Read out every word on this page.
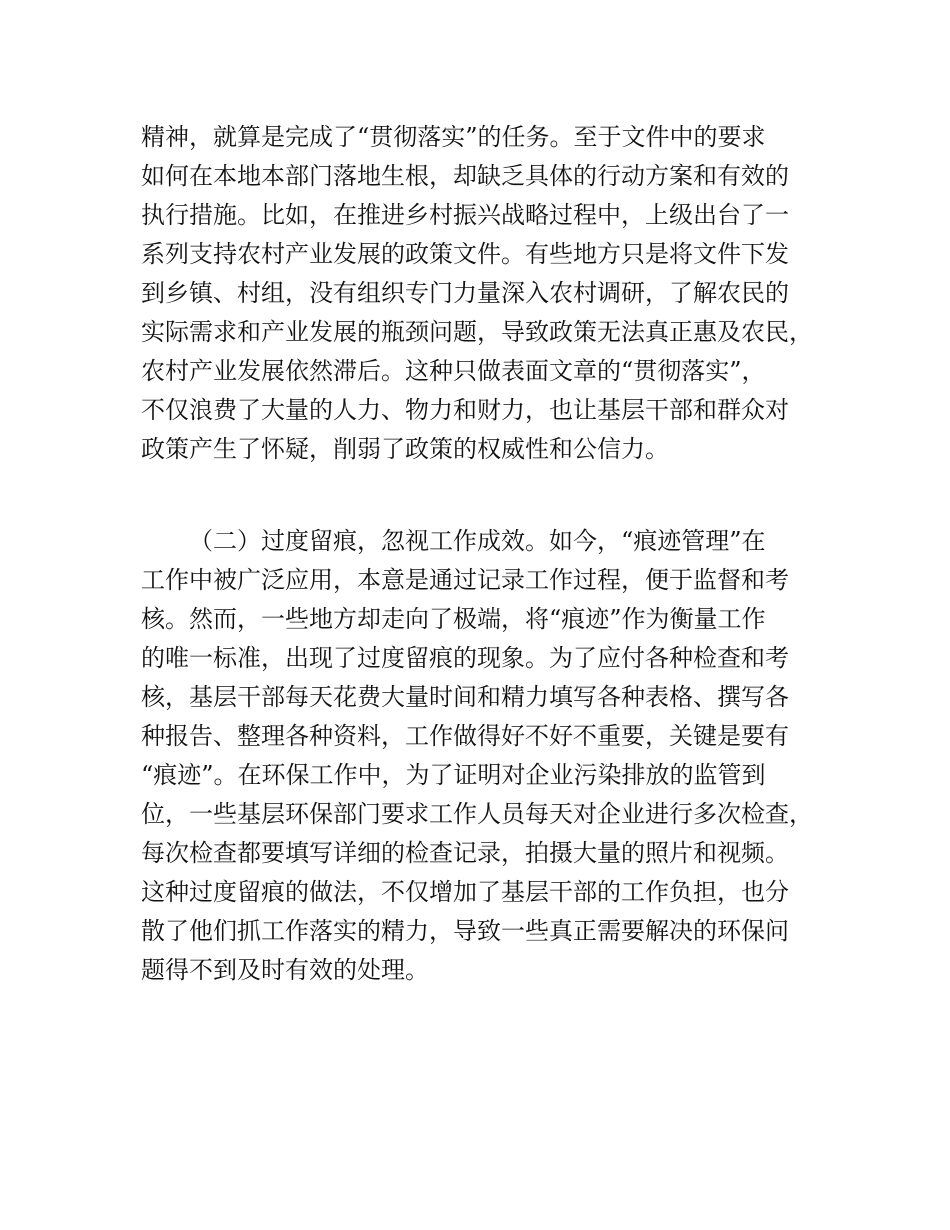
精神，就算是完成了“贯彻落实”的任务。至于文件中的要求
如何在本地本部门落地生根，却缺乏具体的行动方案和有效的
执行措施。比如，在推进乡村振兴战略过程中，上级出台了一
系列支持农村产业发展的政策文件。有些地方只是将文件下发
到乡镇、村组，没有组织专门力量深入农村调研，了解农民的
实际需求和产业发展的瓶颈问题，导致政策无法真正惠及农民，
农村产业发展依然滞后。这种只做表面文章的“贯彻落实”，
不仅浪费了大量的人力、物力和财力，也让基层干部和群众对
政策产生了怀疑，削弱了政策的权威性和公信力。
（二）过度留痕，忽视工作成效。如今，“痕迹管理”在
工作中被广泛应用，本意是通过记录工作过程，便于监督和考
核。然而，一些地方却走向了极端，将“痕迹”作为衡量工作
的唯一标准，出现了过度留痕的现象。为了应付各种检查和考
核，基层干部每天花费大量时间和精力填写各种表格、撰写各
种报告、整理各种资料，工作做得好不好不重要，关键是要有
“痕迹”。在环保工作中，为了证明对企业污染排放的监管到
位，一些基层环保部门要求工作人员每天对企业进行多次检查，
每次检查都要填写详细的检查记录，拍摄大量的照片和视频。
这种过度留痕的做法，不仅增加了基层干部的工作负担，也分
散了他们抓工作落实的精力，导致一些真正需要解决的环保问
题得不到及时有效的处理。
